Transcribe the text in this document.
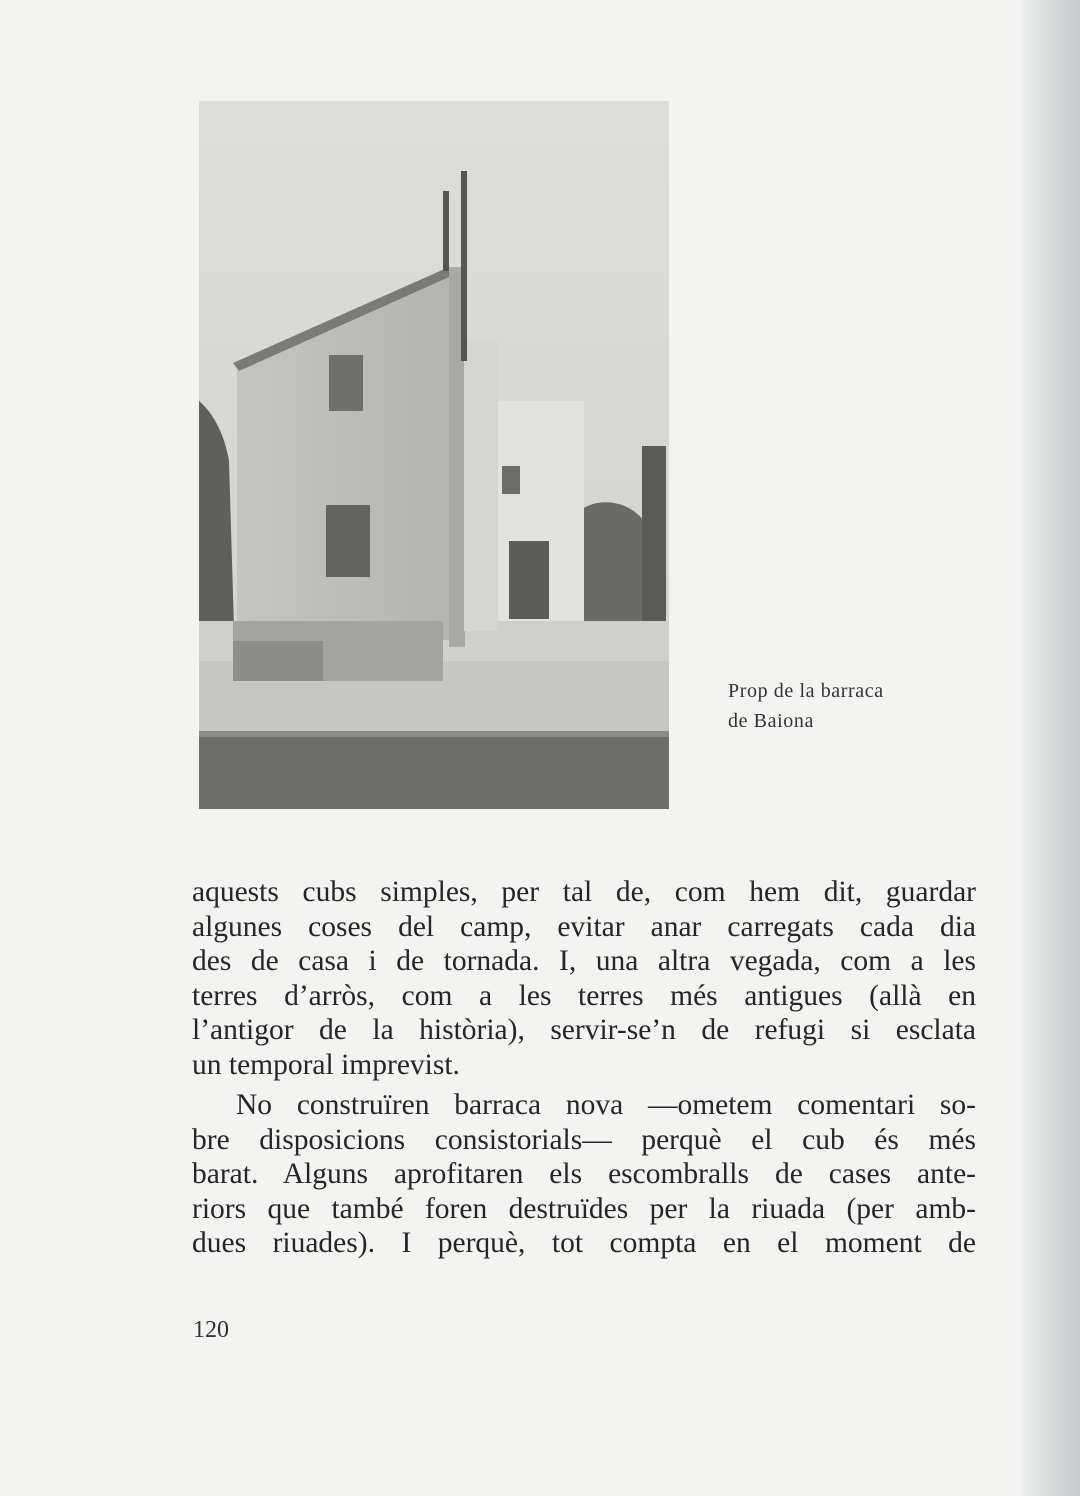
Prop de la barraca
de Baiona
aquests cubs simples, per tal de, com hem dit, guardar
algunes coses del camp, evitar anar carregats cada dia
des de casa i de tornada. I, una altra vegada, com a les
terres d’arròs, com a les terres més antigues (allà en
l’antigor de la història), servir-se’n de refugi si esclata
un temporal imprevist.
No construïren barraca nova —ometem comentari so-
bre disposicions consistorials— perquè el cub és més
barat. Alguns aprofitaren els escombralls de cases ante-
riors que també foren destruïdes per la riuada (per amb-
dues riuades). I perquè, tot compta en el moment de
120
